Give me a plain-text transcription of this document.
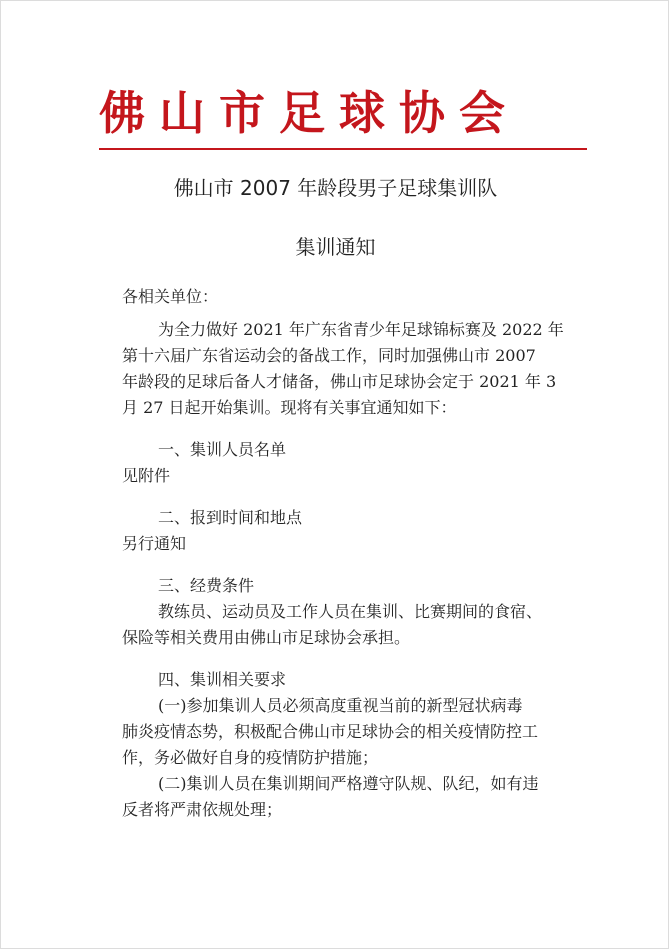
佛山市足球协会
佛山市 2007 年龄段男子足球集训队
集训通知
各相关单位：
为全力做好 2021 年广东省青少年足球锦标赛及 2022 年
第十六届广东省运动会的备战工作，同时加强佛山市 2007
年龄段的足球后备人才储备，佛山市足球协会定于 2021 年 3
月 27 日起开始集训。现将有关事宜通知如下：
一、集训人员名单
见附件
二、报到时间和地点
另行通知
三、经费条件
教练员、运动员及工作人员在集训、比赛期间的食宿、
保险等相关费用由佛山市足球协会承担。
四、集训相关要求
(一)参加集训人员必须高度重视当前的新型冠状病毒
肺炎疫情态势，积极配合佛山市足球协会的相关疫情防控工
作，务必做好自身的疫情防护措施；
(二)集训人员在集训期间严格遵守队规、队纪，如有违
反者将严肃依规处理；
